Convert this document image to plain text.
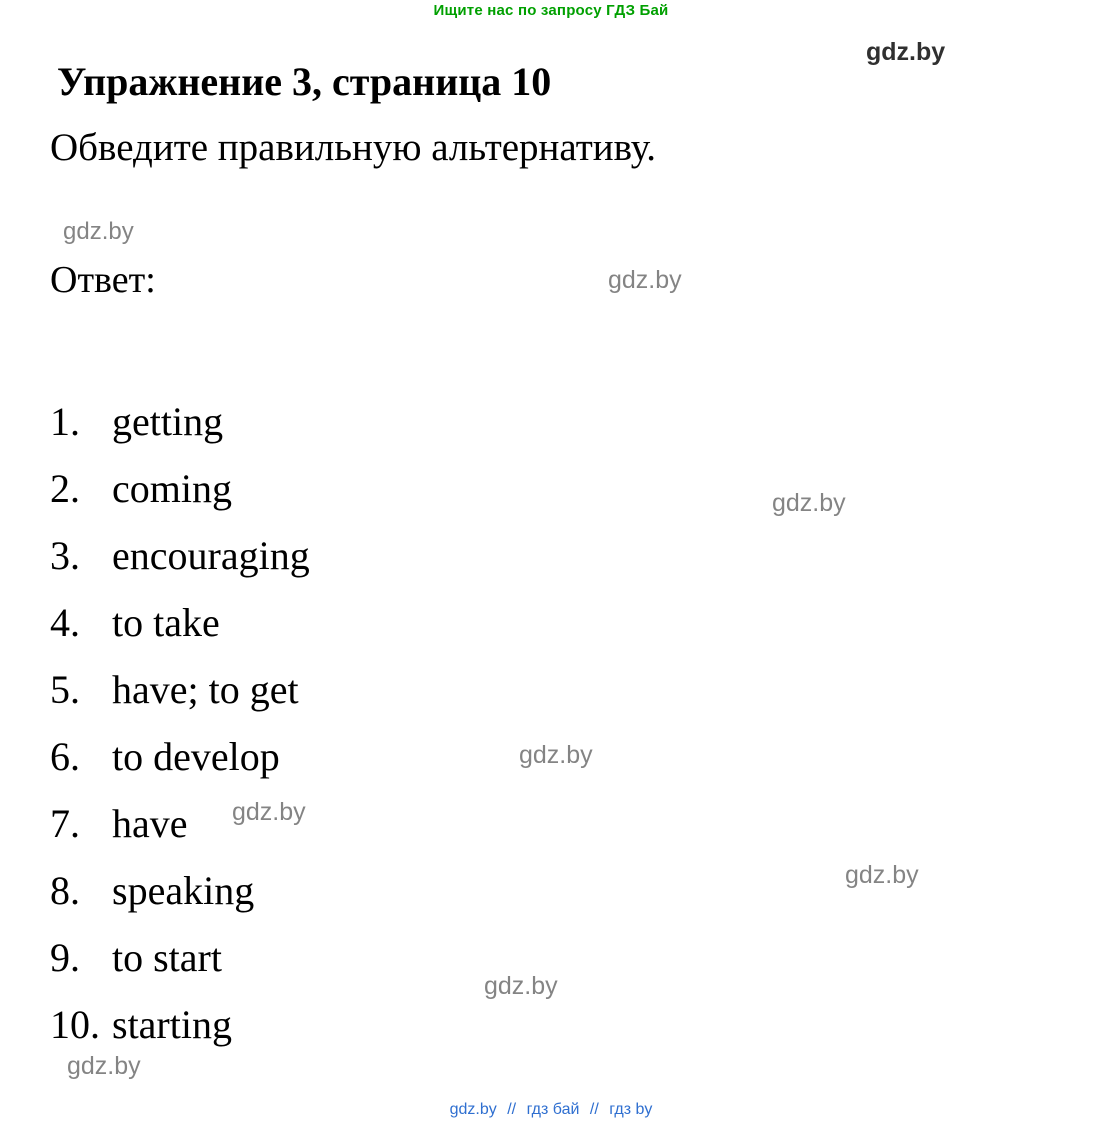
Ищите нас по запросу ГДЗ Бай
Упражнение 3, страница 10
Обведите правильную альтернативу.
Ответ:
1. getting
2. coming
3. encouraging
4. to take
5. have; to get
6. to develop
7. have
8. speaking
9. to start
10. starting
gdz.by
gdz.by
gdz.by
gdz.by
gdz.by
gdz.by
gdz.by
gdz.by
gdz.by
gdz.by // гдз бай // гдз by
